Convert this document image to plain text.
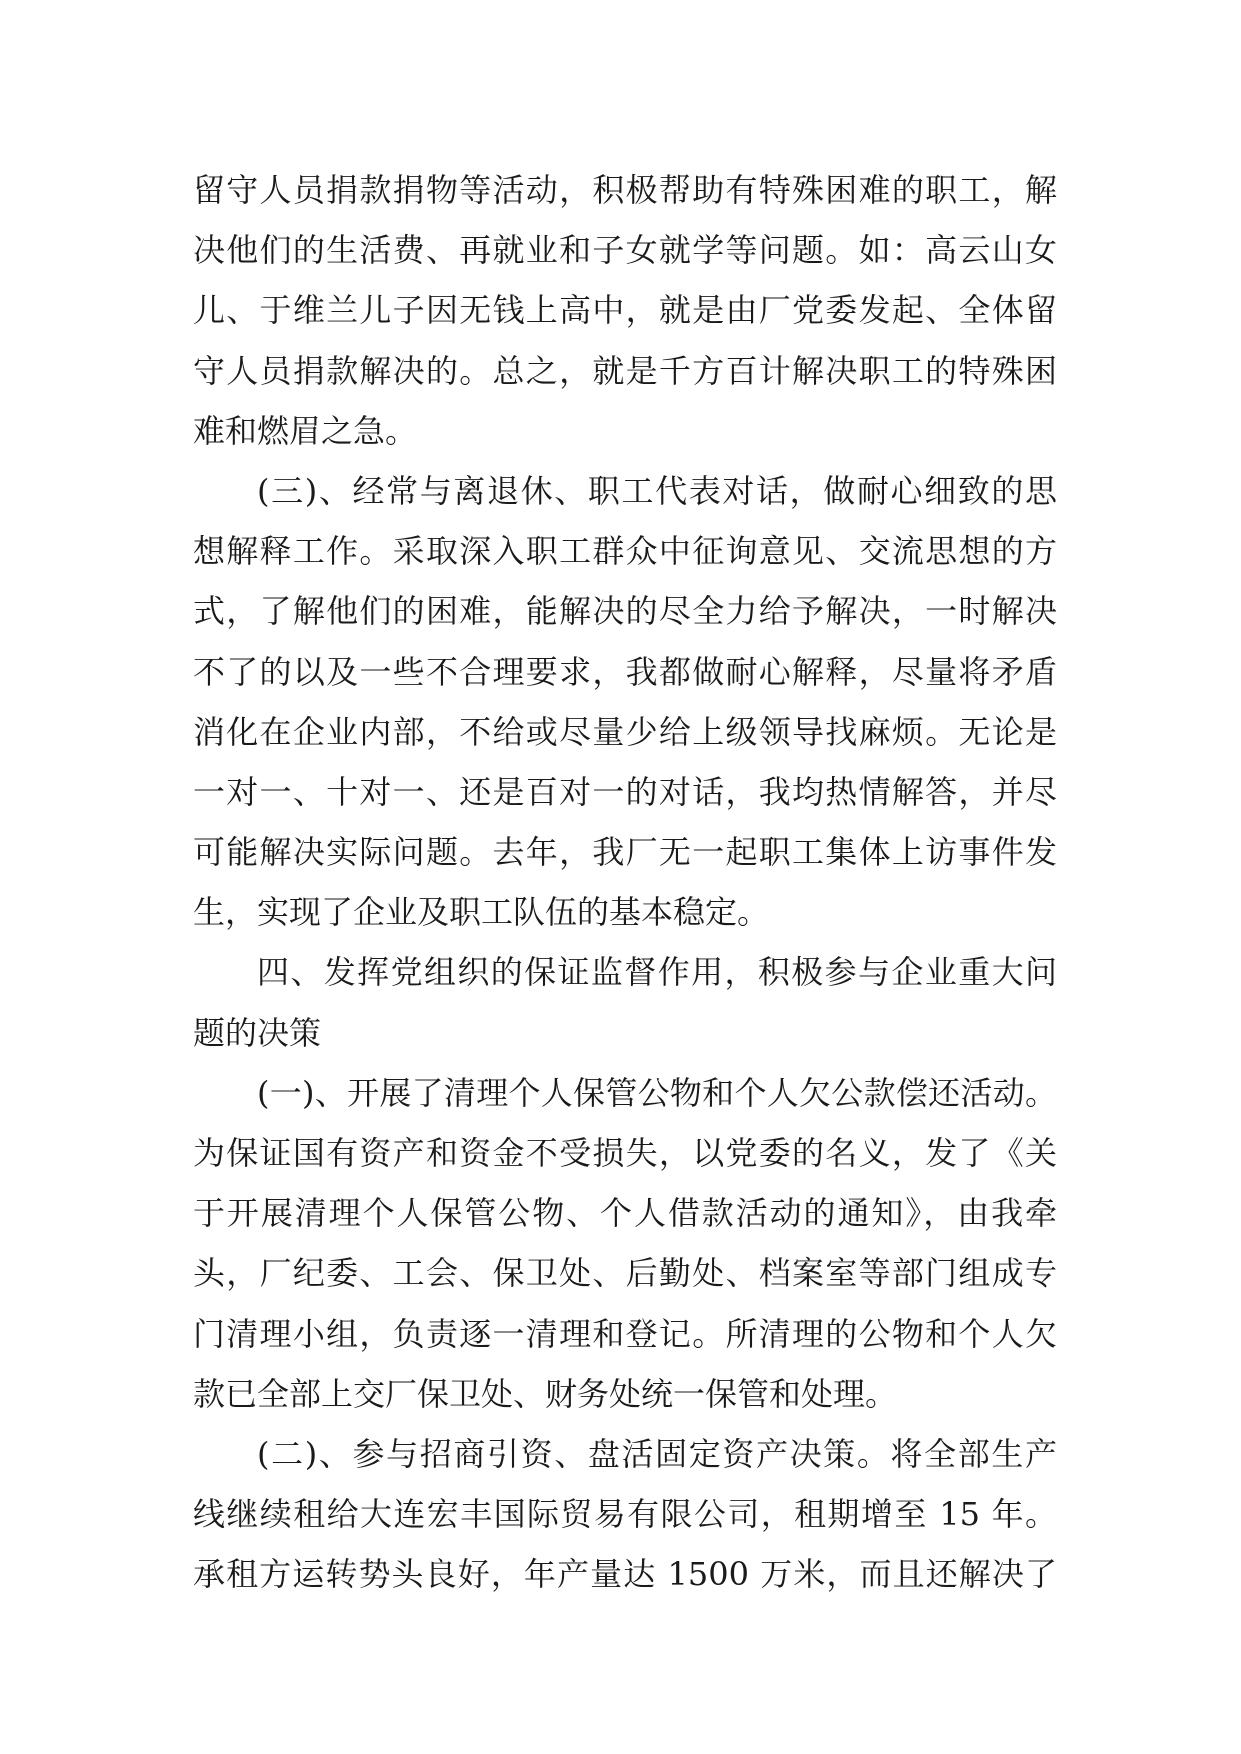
留守人员捐款捐物等活动，积极帮助有特殊困难的职工，解
决他们的生活费、再就业和子女就学等问题。如：高云山女
儿、于维兰儿子因无钱上高中，就是由厂党委发起、全体留
守人员捐款解决的。总之，就是千方百计解决职工的特殊困
难和燃眉之急。
(三)、经常与离退休、职工代表对话，做耐心细致的思
想解释工作。采取深入职工群众中征询意见、交流思想的方
式，了解他们的困难，能解决的尽全力给予解决，一时解决
不了的以及一些不合理要求，我都做耐心解释，尽量将矛盾
消化在企业内部，不给或尽量少给上级领导找麻烦。无论是
一对一、十对一、还是百对一的对话，我均热情解答，并尽
可能解决实际问题。去年，我厂无一起职工集体上访事件发
生，实现了企业及职工队伍的基本稳定。
四、发挥党组织的保证监督作用，积极参与企业重大问
题的决策
(一)、开展了清理个人保管公物和个人欠公款偿还活动。
为保证国有资产和资金不受损失，以党委的名义，发了《关
于开展清理个人保管公物、个人借款活动的通知》，由我牵
头，厂纪委、工会、保卫处、后勤处、档案室等部门组成专
门清理小组，负责逐一清理和登记。所清理的公物和个人欠
款已全部上交厂保卫处、财务处统一保管和处理。
(二)、参与招商引资、盘活固定资产决策。将全部生产
线继续租给大连宏丰国际贸易有限公司，租期增至 15 年。
承租方运转势头良好，年产量达 1500 万米，而且还解决了
